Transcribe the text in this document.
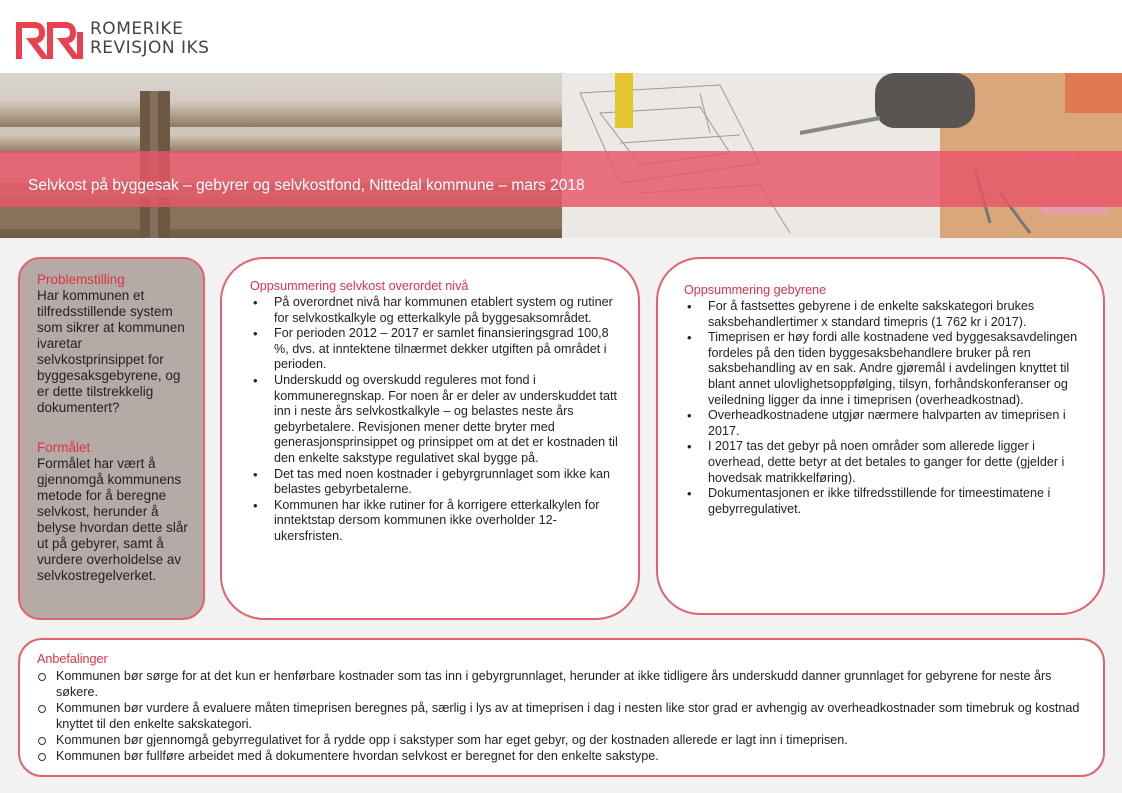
ROMERIKE
REVISJON IKS
Selvkost på byggesak – gebyrer og selvkostfond, Nittedal kommune – mars 2018
Problemstilling

Har kommunen et tilfredsstillende system som sikrer at kommunen ivaretar selvkostprinsippet for byggesaksgebyrene, og er dette tilstrekkelig dokumentert?

Formålet

Formålet har vært å gjennomgå kommunens metode for å beregne selvkost, herunder å belyse hvordan dette slår ut på gebyrer, samt å vurdere overholdelse av selvkostregelverket.

Oppsummering selvkost overordet nivå
• På overordnet nivå har kommunen etablert system og rutiner for selvkostkalkyle og etterkalkyle på byggesaksområdet.
• For perioden 2012 – 2017 er samlet finansieringsgrad 100,8 %, dvs. at inntektene tilnærmet dekker utgiften på området i perioden.
• Underskudd og overskudd reguleres mot fond i kommuneregnskap. For noen år er deler av underskuddet tatt inn i neste års selvkostkalkyle – og belastes neste års gebyrbetalere. Revisjonen mener dette bryter med generasjonsprinsippet og prinsippet om at det er kostnaden til den enkelte sakstype regulativet skal bygge på.
• Det tas med noen kostnader i gebyrgrunnlaget som ikke kan belastes gebyrbetalerne.
• Kommunen har ikke rutiner for å korrigere etterkalkylen for inntektstap dersom kommunen ikke overholder 12-ukersfristen.
Oppsummering gebyrene
• For å fastsettes gebyrene i de enkelte sakskategori brukes saksbehandlertimer x standard timepris (1 762 kr i 2017).
• Timeprisen er høy fordi alle kostnadene ved byggesaksavdelingen fordeles på den tiden byggesaksbehandlere bruker på ren saksbehandling av en sak. Andre gjøremål i avdelingen knyttet til blant annet ulovlighetsoppfølging, tilsyn, forhåndskonferanser og veiledning ligger da inne i timeprisen (overheadkostnad).
• Overheadkostnadene utgjør nærmere halvparten av timeprisen i 2017.
• I 2017 tas det gebyr på noen områder som allerede ligger i overhead, dette betyr at det betales to ganger for dette (gjelder i hovedsak matrikkelføring).
• Dokumentasjonen er ikke tilfredsstillende for timeestimatene i gebyrregulativet.
Anbefalinger
Kommunen bør sørge for at det kun er henførbare kostnader som tas inn i gebyrgrunnlaget, herunder at ikke tidligere års underskudd danner grunnlaget for gebyrene for neste års søkere.
Kommunen bør vurdere å evaluere måten timeprisen beregnes på, særlig i lys av at timeprisen i dag i nesten like stor grad er avhengig av overheadkostnader som timebruk og kostnad knyttet til den enkelte sakskategori.
Kommunen bør gjennomgå gebyrregulativet for å rydde opp i sakstyper som har eget gebyr, og der kostnaden allerede er lagt inn i timeprisen.
Kommunen bør fullføre arbeidet med å dokumentere hvordan selvkost er beregnet for den enkelte sakstype.
